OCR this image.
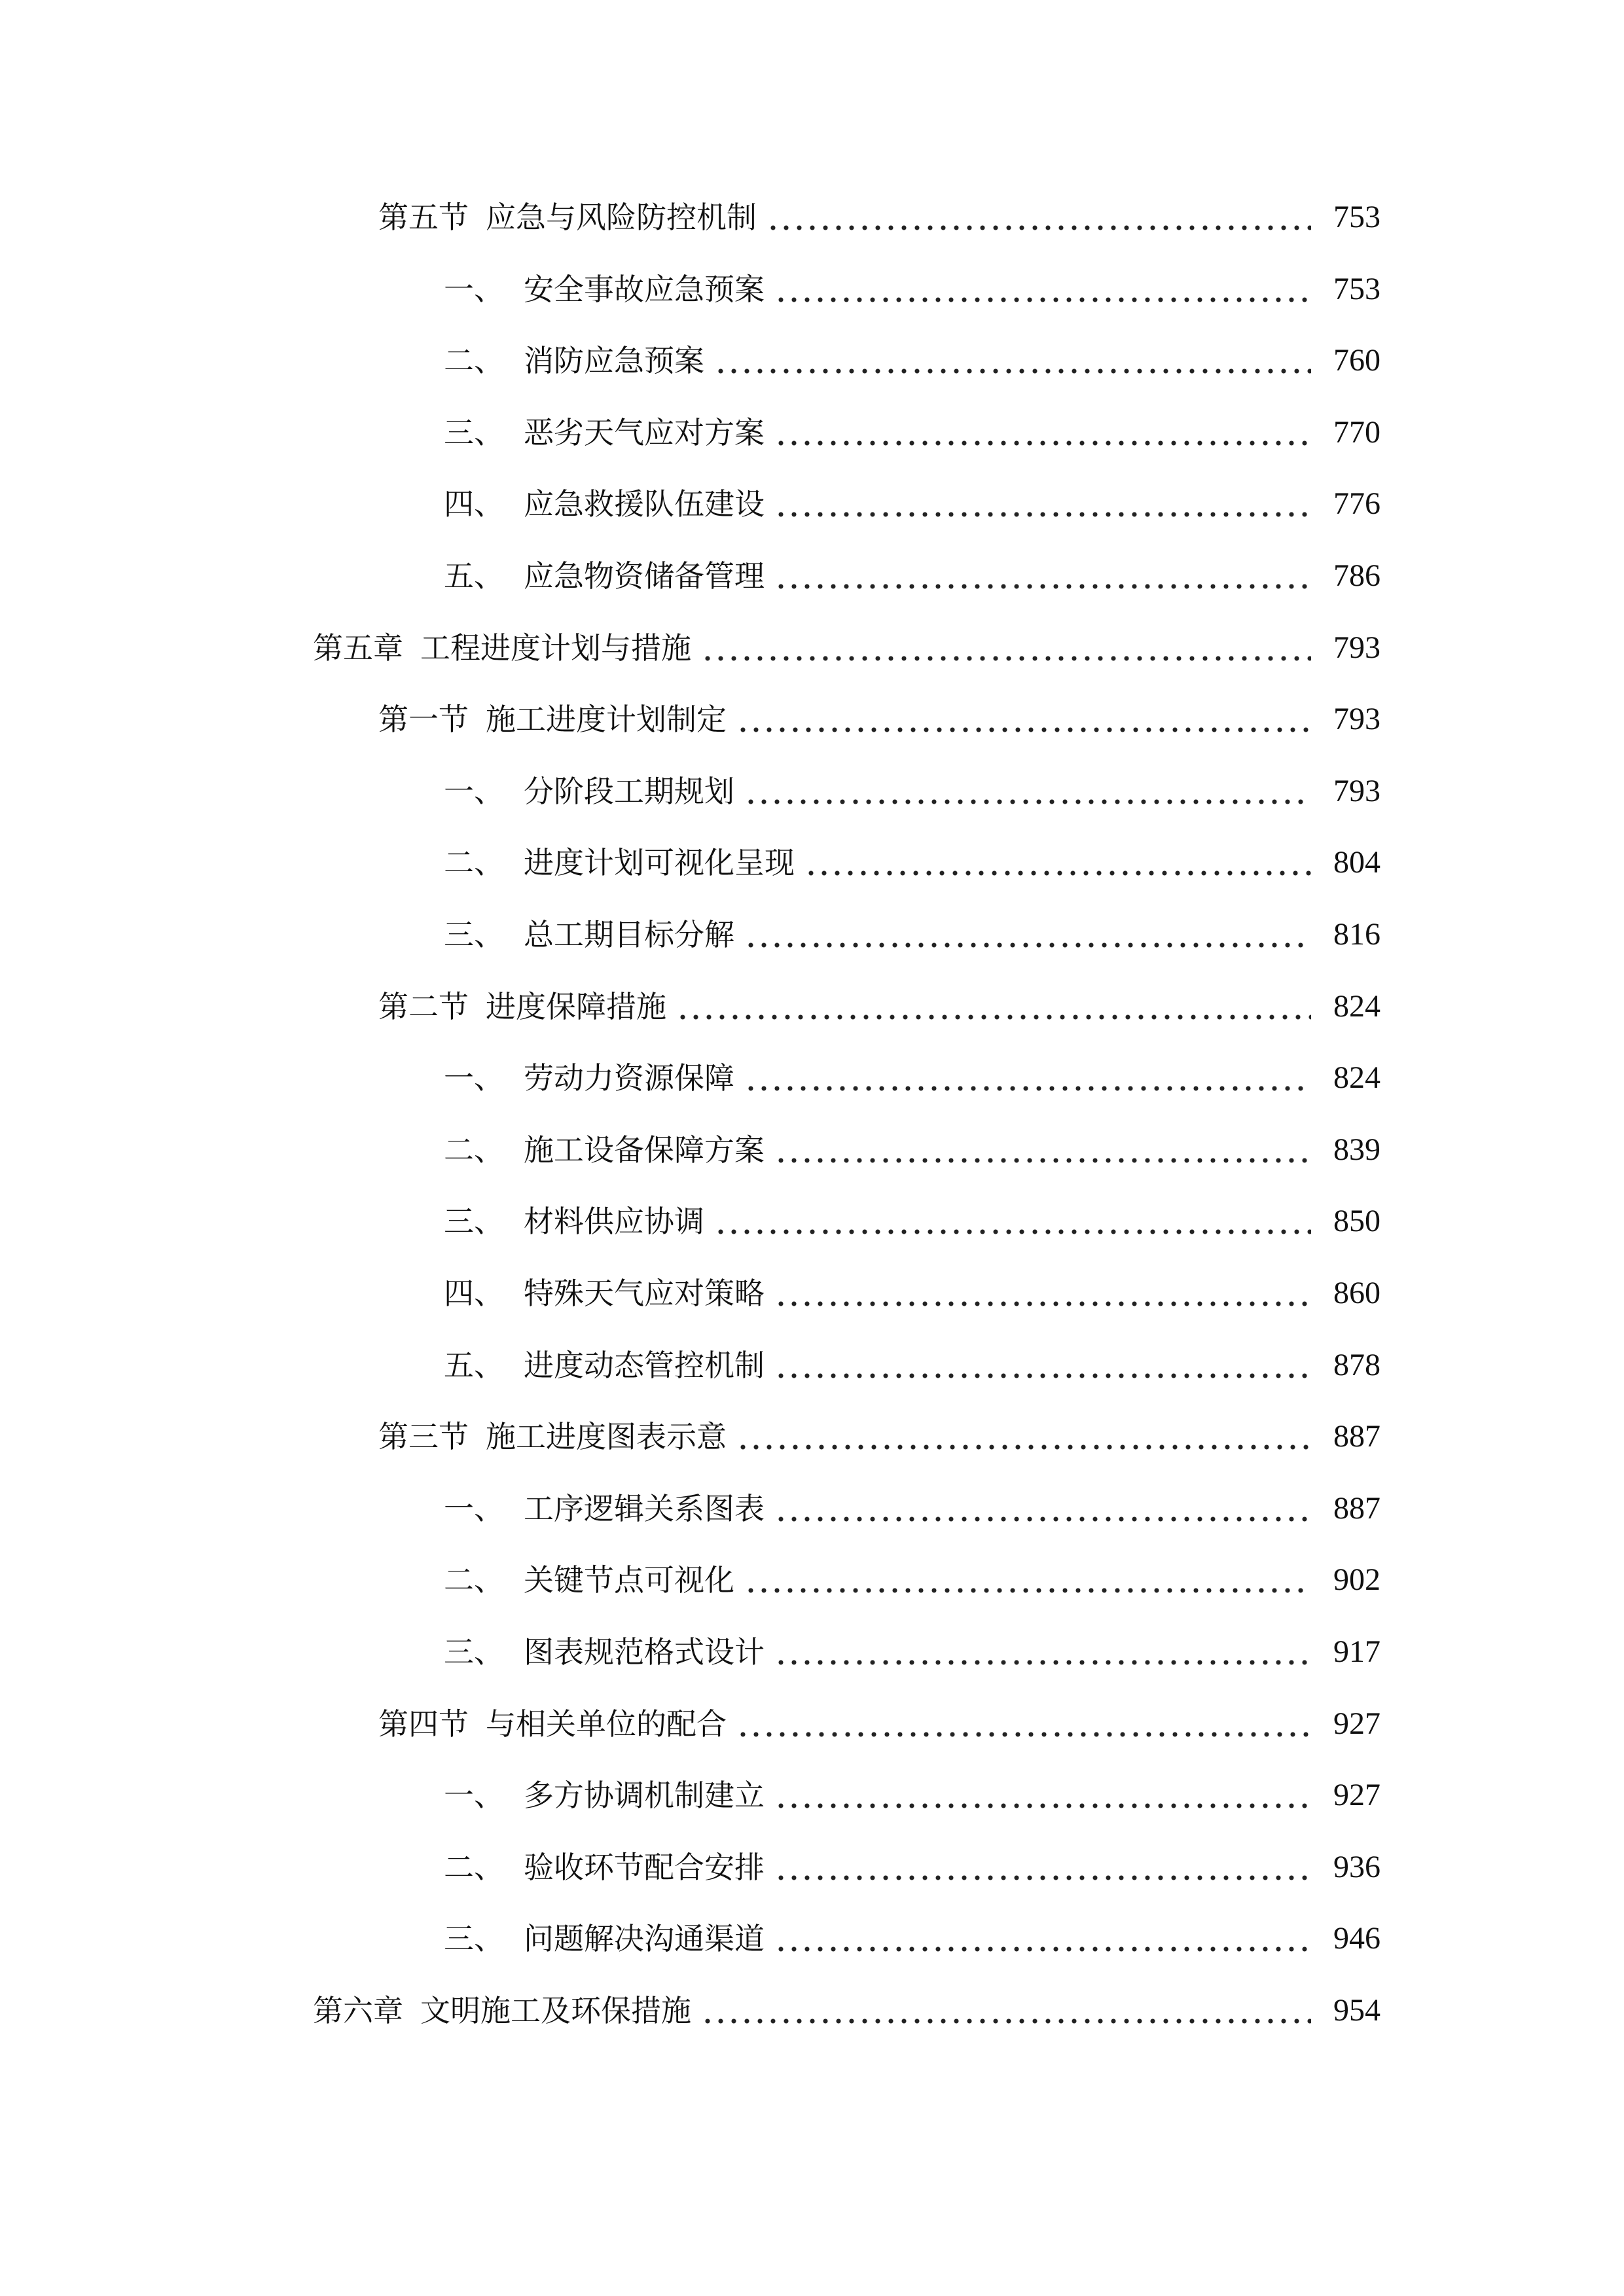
第五节 应急与风险防控机制	753
一、 安全事故应急预案	753
二、 消防应急预案	760
三、 恶劣天气应对方案	770
四、 应急救援队伍建设	776
五、 应急物资储备管理	786
第五章 工程进度计划与措施	793
第一节 施工进度计划制定	793
一、 分阶段工期规划	793
二、 进度计划可视化呈现	804
三、 总工期目标分解	816
第二节 进度保障措施	824
一、 劳动力资源保障	824
二、 施工设备保障方案	839
三、 材料供应协调	850
四、 特殊天气应对策略	860
五、 进度动态管控机制	878
第三节 施工进度图表示意	887
一、 工序逻辑关系图表	887
二、 关键节点可视化	902
三、 图表规范格式设计	917
第四节 与相关单位的配合	927
一、 多方协调机制建立	927
二、 验收环节配合安排	936
三、 问题解决沟通渠道	946
第六章 文明施工及环保措施	954
